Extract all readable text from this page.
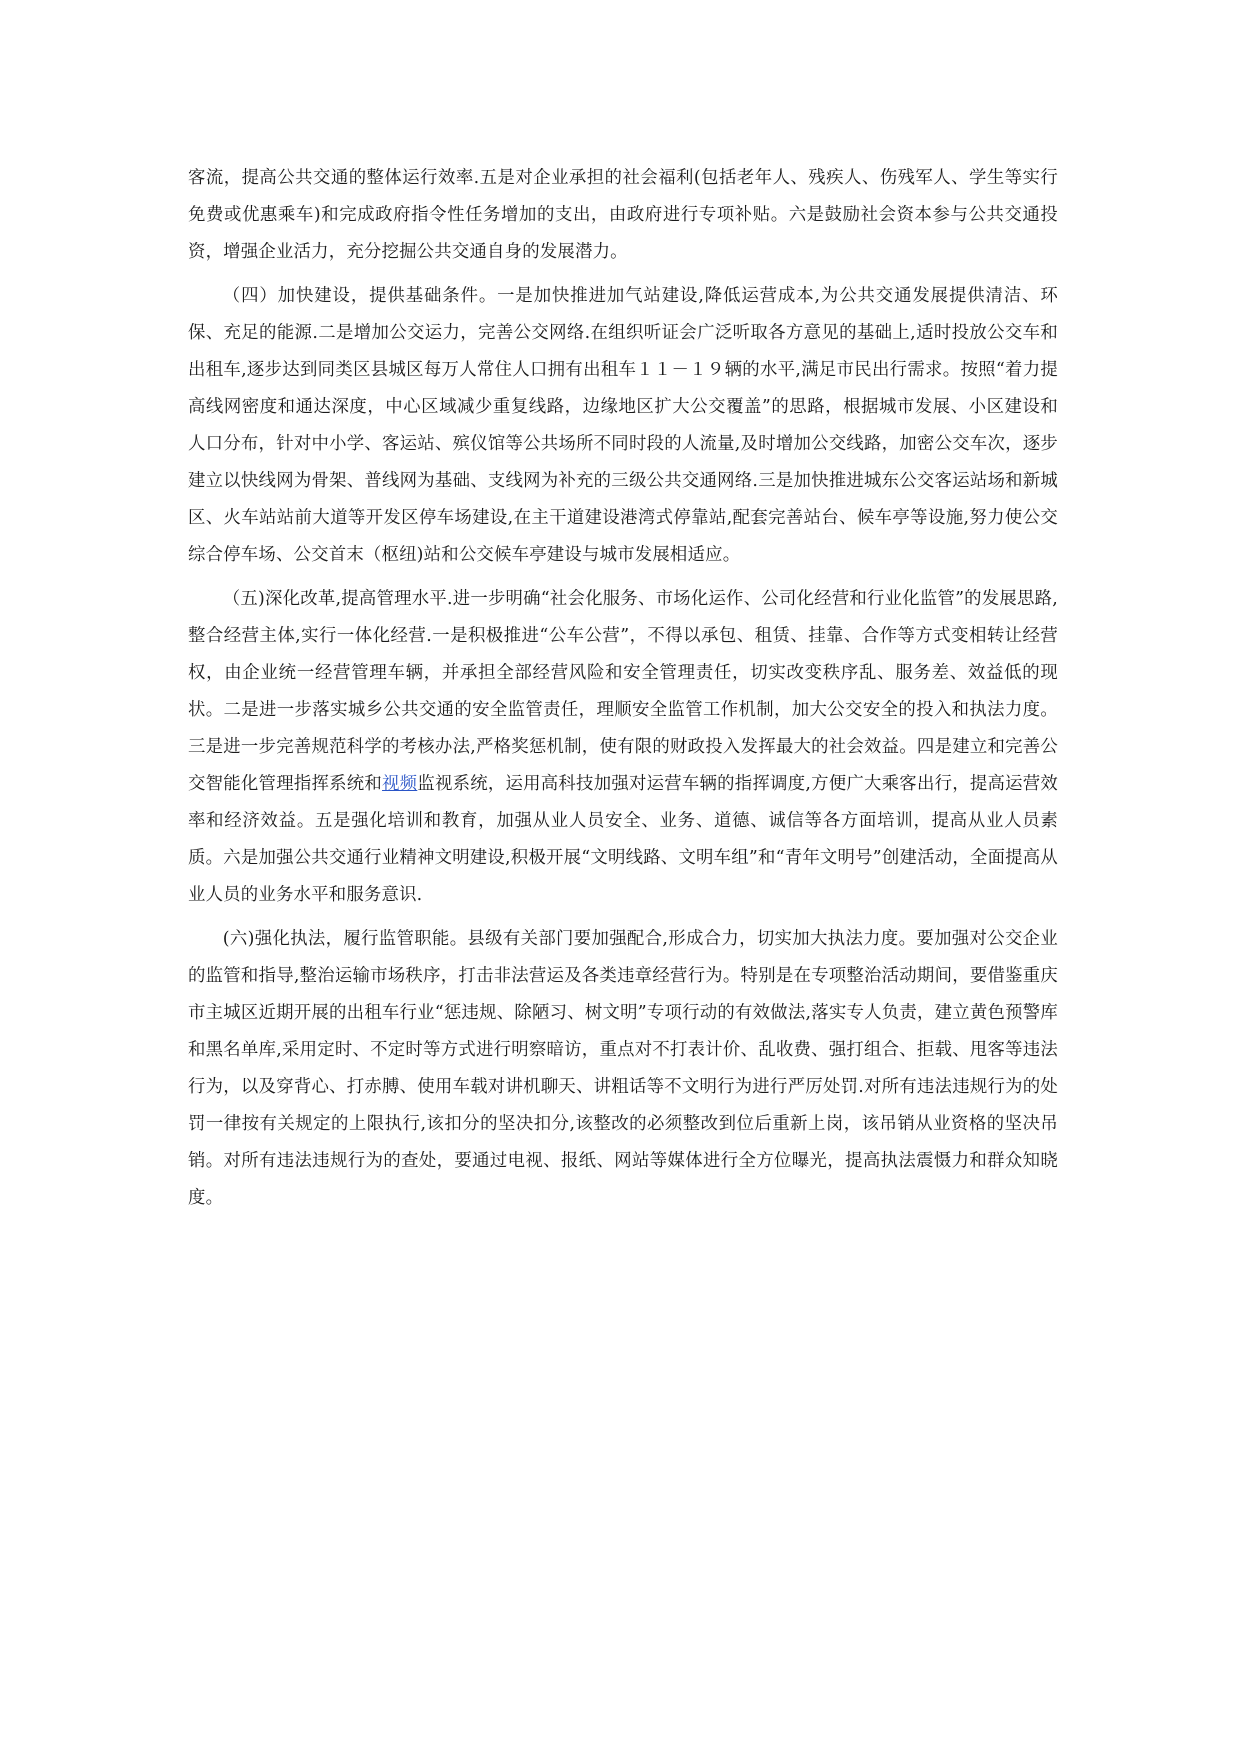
客流，提高公共交通的整体运行效率.五是对企业承担的社会福利(包括老年人、残疾人、伤残军人、学生等实行免费或优惠乘车)和完成政府指令性任务增加的支出，由政府进行专项补贴。六是鼓励社会资本参与公共交通投资，增强企业活力，充分挖掘公共交通自身的发展潜力。

（四）加快建设，提供基础条件。一是加快推进加气站建设,降低运营成本,为公共交通发展提供清洁、环保、充足的能源.二是增加公交运力，完善公交网络.在组织听证会广泛听取各方意见的基础上,适时投放公交车和出租车,逐步达到同类区县城区每万人常住人口拥有出租车１１－１９辆的水平,满足市民出行需求。按照“着力提高线网密度和通达深度，中心区域减少重复线路，边缘地区扩大公交覆盖”的思路，根据城市发展、小区建设和人口分布，针对中小学、客运站、殡仪馆等公共场所不同时段的人流量,及时增加公交线路，加密公交车次，逐步建立以快线网为骨架、普线网为基础、支线网为补充的三级公共交通网络.三是加快推进城东公交客运站场和新城区、火车站站前大道等开发区停车场建设,在主干道建设港湾式停靠站,配套完善站台、候车亭等设施,努力使公交综合停车场、公交首末（枢纽)站和公交候车亭建设与城市发展相适应。

（五)深化改革,提高管理水平.进一步明确“社会化服务、市场化运作、公司化经营和行业化监管”的发展思路,整合经营主体,实行一体化经营.一是积极推进“公车公营”，不得以承包、租赁、挂靠、合作等方式变相转让经营权，由企业统一经营管理车辆，并承担全部经营风险和安全管理责任，切实改变秩序乱、服务差、效益低的现状。二是进一步落实城乡公共交通的安全监管责任，理顺安全监管工作机制，加大公交安全的投入和执法力度。三是进一步完善规范科学的考核办法,严格奖惩机制，使有限的财政投入发挥最大的社会效益。四是建立和完善公交智能化管理指挥系统和视频监视系统，运用高科技加强对运营车辆的指挥调度,方便广大乘客出行，提高运营效率和经济效益。五是强化培训和教育，加强从业人员安全、业务、道德、诚信等各方面培训，提高从业人员素质。六是加强公共交通行业精神文明建设,积极开展“文明线路、文明车组”和“青年文明号”创建活动，全面提高从业人员的业务水平和服务意识.

(六)强化执法，履行监管职能。县级有关部门要加强配合,形成合力，切实加大执法力度。要加强对公交企业的监管和指导,整治运输市场秩序，打击非法营运及各类违章经营行为。特别是在专项整治活动期间，要借鉴重庆市主城区近期开展的出租车行业“惩违规、除陋习、树文明”专项行动的有效做法,落实专人负责，建立黄色预警库和黑名单库,采用定时、不定时等方式进行明察暗访，重点对不打表计价、乱收费、强打组合、拒载、甩客等违法行为，以及穿背心、打赤膊、使用车载对讲机聊天、讲粗话等不文明行为进行严厉处罚.对所有违法违规行为的处罚一律按有关规定的上限执行,该扣分的坚决扣分,该整改的必须整改到位后重新上岗，该吊销从业资格的坚决吊销。对所有违法违规行为的查处，要通过电视、报纸、网站等媒体进行全方位曝光，提高执法震慑力和群众知晓度。
